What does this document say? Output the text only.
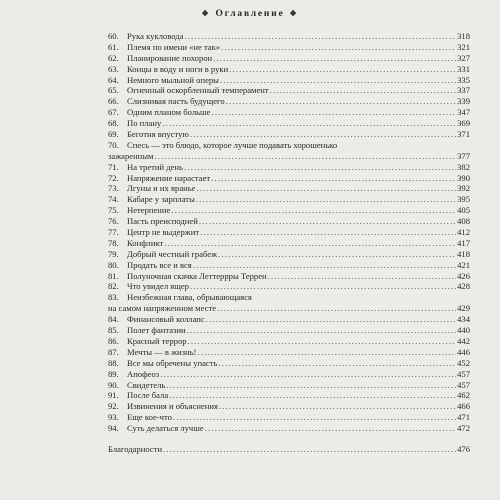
❖ Оглавление ❖
60. Рука кукловода .....	318
61. Племя по имени «не так» .....	321
62. Планирование похорон .....	327
63. Концы в воду и ноги в руки .....	331
64. Немного мыльной оперы .....	335
65. Огненный оскорбленный темперамент .....	337
66. Слизнивая пасть будущего .....	339
67. Одним планом больше .....	347
68. По плану .....	369
69. Беготня впустую .....	371
70. Спесь — это блюдо, которое лучше подавать хорошенько
зажаренным .....	377
71. На третий день .....	382
72. Напряжение нарастает .....	390
73. Лгуны и их вранье .....	392
74. Кабаре у зарплаты .....	395
75. Нетерпение .....	405
76. Пасть преисподней .....	408
77. Центр не выдержит .....	412
78. Конфликт .....	417
79. Добрый честный грабеж .....	418
80. Продать все и вся .....	421
81. Полуночная скачка Леттеррры Террен .....	426
82. Что увидел ящер .....	428
83. Неизбежная глава, обрывающаяся
на самом напряженном месте .....	429
84. Финансовый коллапс .....	434
85. Полет фантазии .....	440
86. Красный террор .....	442
87. Мечты — в жизнь! .....	446
88. Все мы обречены упасть .....	452
89. Апофеоз .....	457
90. Свидетель .....	457
91. После бала .....	462
92. Извинения и объяснения .....	466
93. Еще кое-что .....	471
94. Суть делаться лучше .....	472
Благодарности .....	476
